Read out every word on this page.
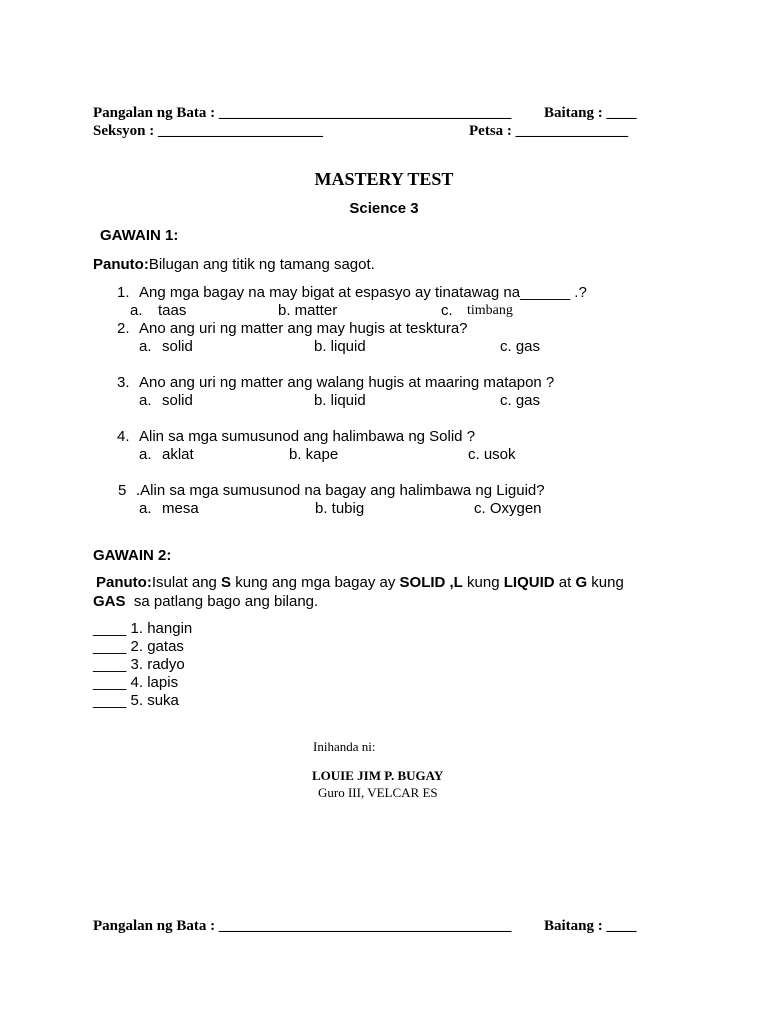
Pangalan ng Bata : _______________________________________ Baitang : ____
Seksyon : ______________________	Petsa : _______________
MASTERY TEST
Science 3
GAWAIN 1:
Panuto:Bilugan ang titik ng tamang sagot.
1. Ang mga bagay na may bigat at espasyo ay tinatawag na______ .?
a. taas	b. matter	c. timbang
2. Ano ang uri ng matter ang may hugis at tesktura?
a. solid	b. liquid	c. gas
3. Ano ang uri ng matter ang walang hugis at maaring matapon ?
a. solid	b. liquid	c. gas
4. Alin sa mga sumusunod ang halimbawa ng Solid ?
a. aklat	b. kape	c. usok
5 .Alin sa mga sumusunod na bagay ang halimbawa ng Liguid?
a. mesa	b. tubig	c. Oxygen
GAWAIN 2:
Panuto:Isulat ang S kung ang mga bagay ay SOLID ,L kung LIQUID at G kung
GAS  sa patlang bago ang bilang.
____ 1. hangin
____ 2. gatas
____ 3. radyo
____ 4. lapis
____ 5. suka
Inihanda ni:
LOUIE JIM P. BUGAY
Guro III, VELCAR ES
Pangalan ng Bata : _______________________________________ Baitang : ____
